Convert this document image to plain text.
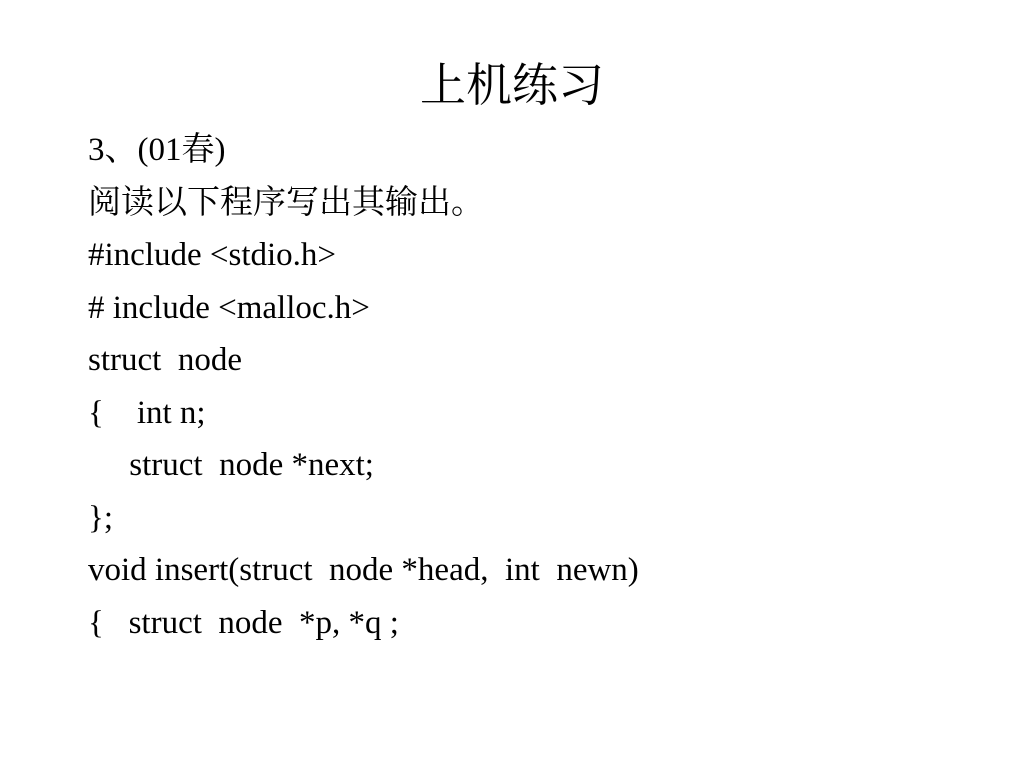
上机练习
3、(01春)
阅读以下程序写出其输出。
#include <stdio.h>
# include <malloc.h>
struct  node
{    int n;
struct  node *next;
};
void insert(struct  node *head,  int  newn)
{   struct  node  *p, *q ;
